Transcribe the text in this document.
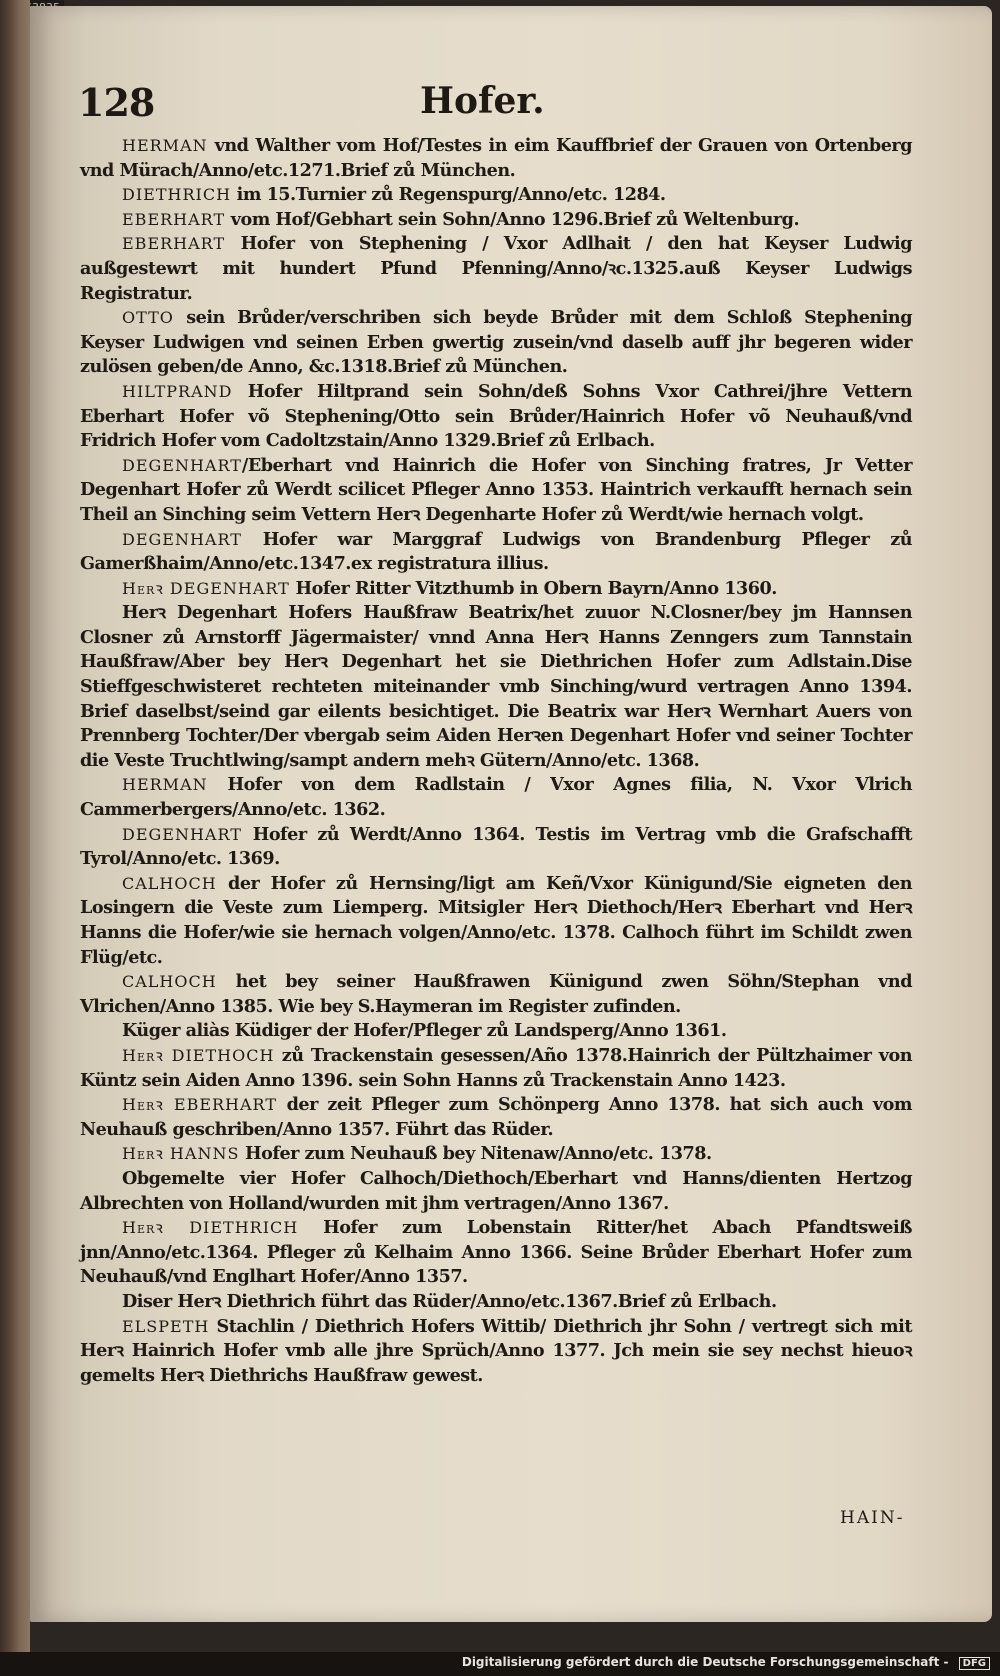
128	Hofer.

HERMAN vnd Walther vom Hof/Testes in eim Kauffbrief der Grauen von Ortenberg vnd Mürach/Anno/etc.1271.Brief zů München.

DIETHRICH im 15.Turnier zů Regenspurg/Anno/etc. 1284.

EBERHART vom Hof/Gebhart sein Sohn/Anno 1296.Brief zů Weltenburg.

EBERHART Hofer von Stephening / Vxor Adlhait / den hat Keyser Ludwig außgestewrt mit hundert Pfund Pfenning/Anno/ꝛc.1325.auß Keyser Ludwigs Registratur.

OTTO sein Brůder/verschriben sich beyde Brůder mit dem Schloß Stephening Keyser Ludwigen vnd seinen Erben gwertig zusein/vnd daselb auff jhr begeren wider zulösen geben/de Anno, &c.1318.Brief zů München.

HILTPRAND Hofer Hiltprand sein Sohn/deß Sohns Vxor Cathrei/jhre Vettern Eberhart Hofer võ Stephening/Otto sein Brůder/Hainrich Hofer võ Neuhauß/vnd Fridrich Hofer vom Cadoltzstain/Anno 1329.Brief zů Erlbach.

DEGENHART/Eberhart vnd Hainrich die Hofer von Sinching fratres, Jr Vetter Degenhart Hofer zů Werdt scilicet Pfleger Anno 1353. Haintrich verkaufft hernach sein Theil an Sinching seim Vettern Herꝛ Degenharte Hofer zů Werdt/wie hernach volgt.

DEGENHART Hofer war Marggraf Ludwigs von Brandenburg Pfleger zů Gamerßhaim/Anno/etc.1347.ex registratura illius.

Herꝛ DEGENHART Hofer Ritter Vitzthumb in Obern Bayrn/Anno 1360.

Herꝛ Degenhart Hofers Haußfraw Beatrix/het zuuor N.Closner/bey jm Hannsen Closner zů Arnstorff Jägermaister/ vnnd Anna Herꝛ Hanns Zenngers zum Tannstain Haußfraw/Aber bey Herꝛ Degenhart het sie Diethrichen Hofer zum Adlstain.Dise Stieffgeschwisteret rechteten miteinander vmb Sinching/wurd vertragen Anno 1394. Brief daselbst/seind gar eilents besichtiget. Die Beatrix war Herꝛ Wernhart Auers von Prennberg Tochter/Der vbergab seim Aiden Herꝛen Degenhart Hofer vnd seiner Tochter die Veste Truchtlwing/sampt andern mehꝛ Gütern/Anno/etc. 1368.

HERMAN Hofer von dem Radlstain / Vxor Agnes filia, N. Vxor Vlrich Cammerbergers/Anno/etc. 1362.

DEGENHART Hofer zů Werdt/Anno 1364. Testis im Vertrag vmb die Grafschafft Tyrol/Anno/etc. 1369.

CALHOCH der Hofer zů Hernsing/ligt am Keñ/Vxor Künigund/Sie eigneten den Losingern die Veste zum Liemperg. Mitsigler Herꝛ Diethoch/Herꝛ Eberhart vnd Herꝛ Hanns die Hofer/wie sie hernach volgen/Anno/etc. 1378. Calhoch führt im Schildt zwen Flüg/etc.

CALHOCH het bey seiner Haußfrawen Künigund zwen Söhn/Stephan vnd Vlrichen/Anno 1385. Wie bey S.Haymeran im Register zufinden.

Küger aliàs Küdiger der Hofer/Pfleger zů Landsperg/Anno 1361.

Herꝛ DIETHOCH zů Trackenstain gesessen/Año 1378.Hainrich der Pültzhaimer von Küntz sein Aiden Anno 1396. sein Sohn Hanns zů Trackenstain Anno 1423.

Herꝛ EBERHART der zeit Pfleger zum Schönperg Anno 1378. hat sich auch vom Neuhauß geschriben/Anno 1357. Führt das Rüder.

Herꝛ HANNS Hofer zum Neuhauß bey Nitenaw/Anno/etc. 1378.

Obgemelte vier Hofer Calhoch/Diethoch/Eberhart vnd Hanns/dienten Hertzog Albrechten von Holland/wurden mit jhm vertragen/Anno 1367.

Herꝛ DIETHRICH Hofer zum Lobenstain Ritter/het Abach Pfandtsweiß jnn/Anno/etc.1364. Pfleger zů Kelhaim Anno 1366. Seine Brůder Eberhart Hofer zum Neuhauß/vnd Englhart Hofer/Anno 1357.

Diser Herꝛ Diethrich führt das Rüder/Anno/etc.1367.Brief zů Erlbach.

ELSPETH Stachlin / Diethrich Hofers Wittib/ Diethrich jhr Sohn / vertregt sich mit Herꝛ Hainrich Hofer vmb alle jhre Sprüch/Anno 1377. Jch mein sie sey nechst hieuoꝛ gemelts Herꝛ Diethrichs Haußfraw gewest.

HAIN-
Digitalisierung gefördert durch die Deutsche Forschungsgemeinschaft - DFG
